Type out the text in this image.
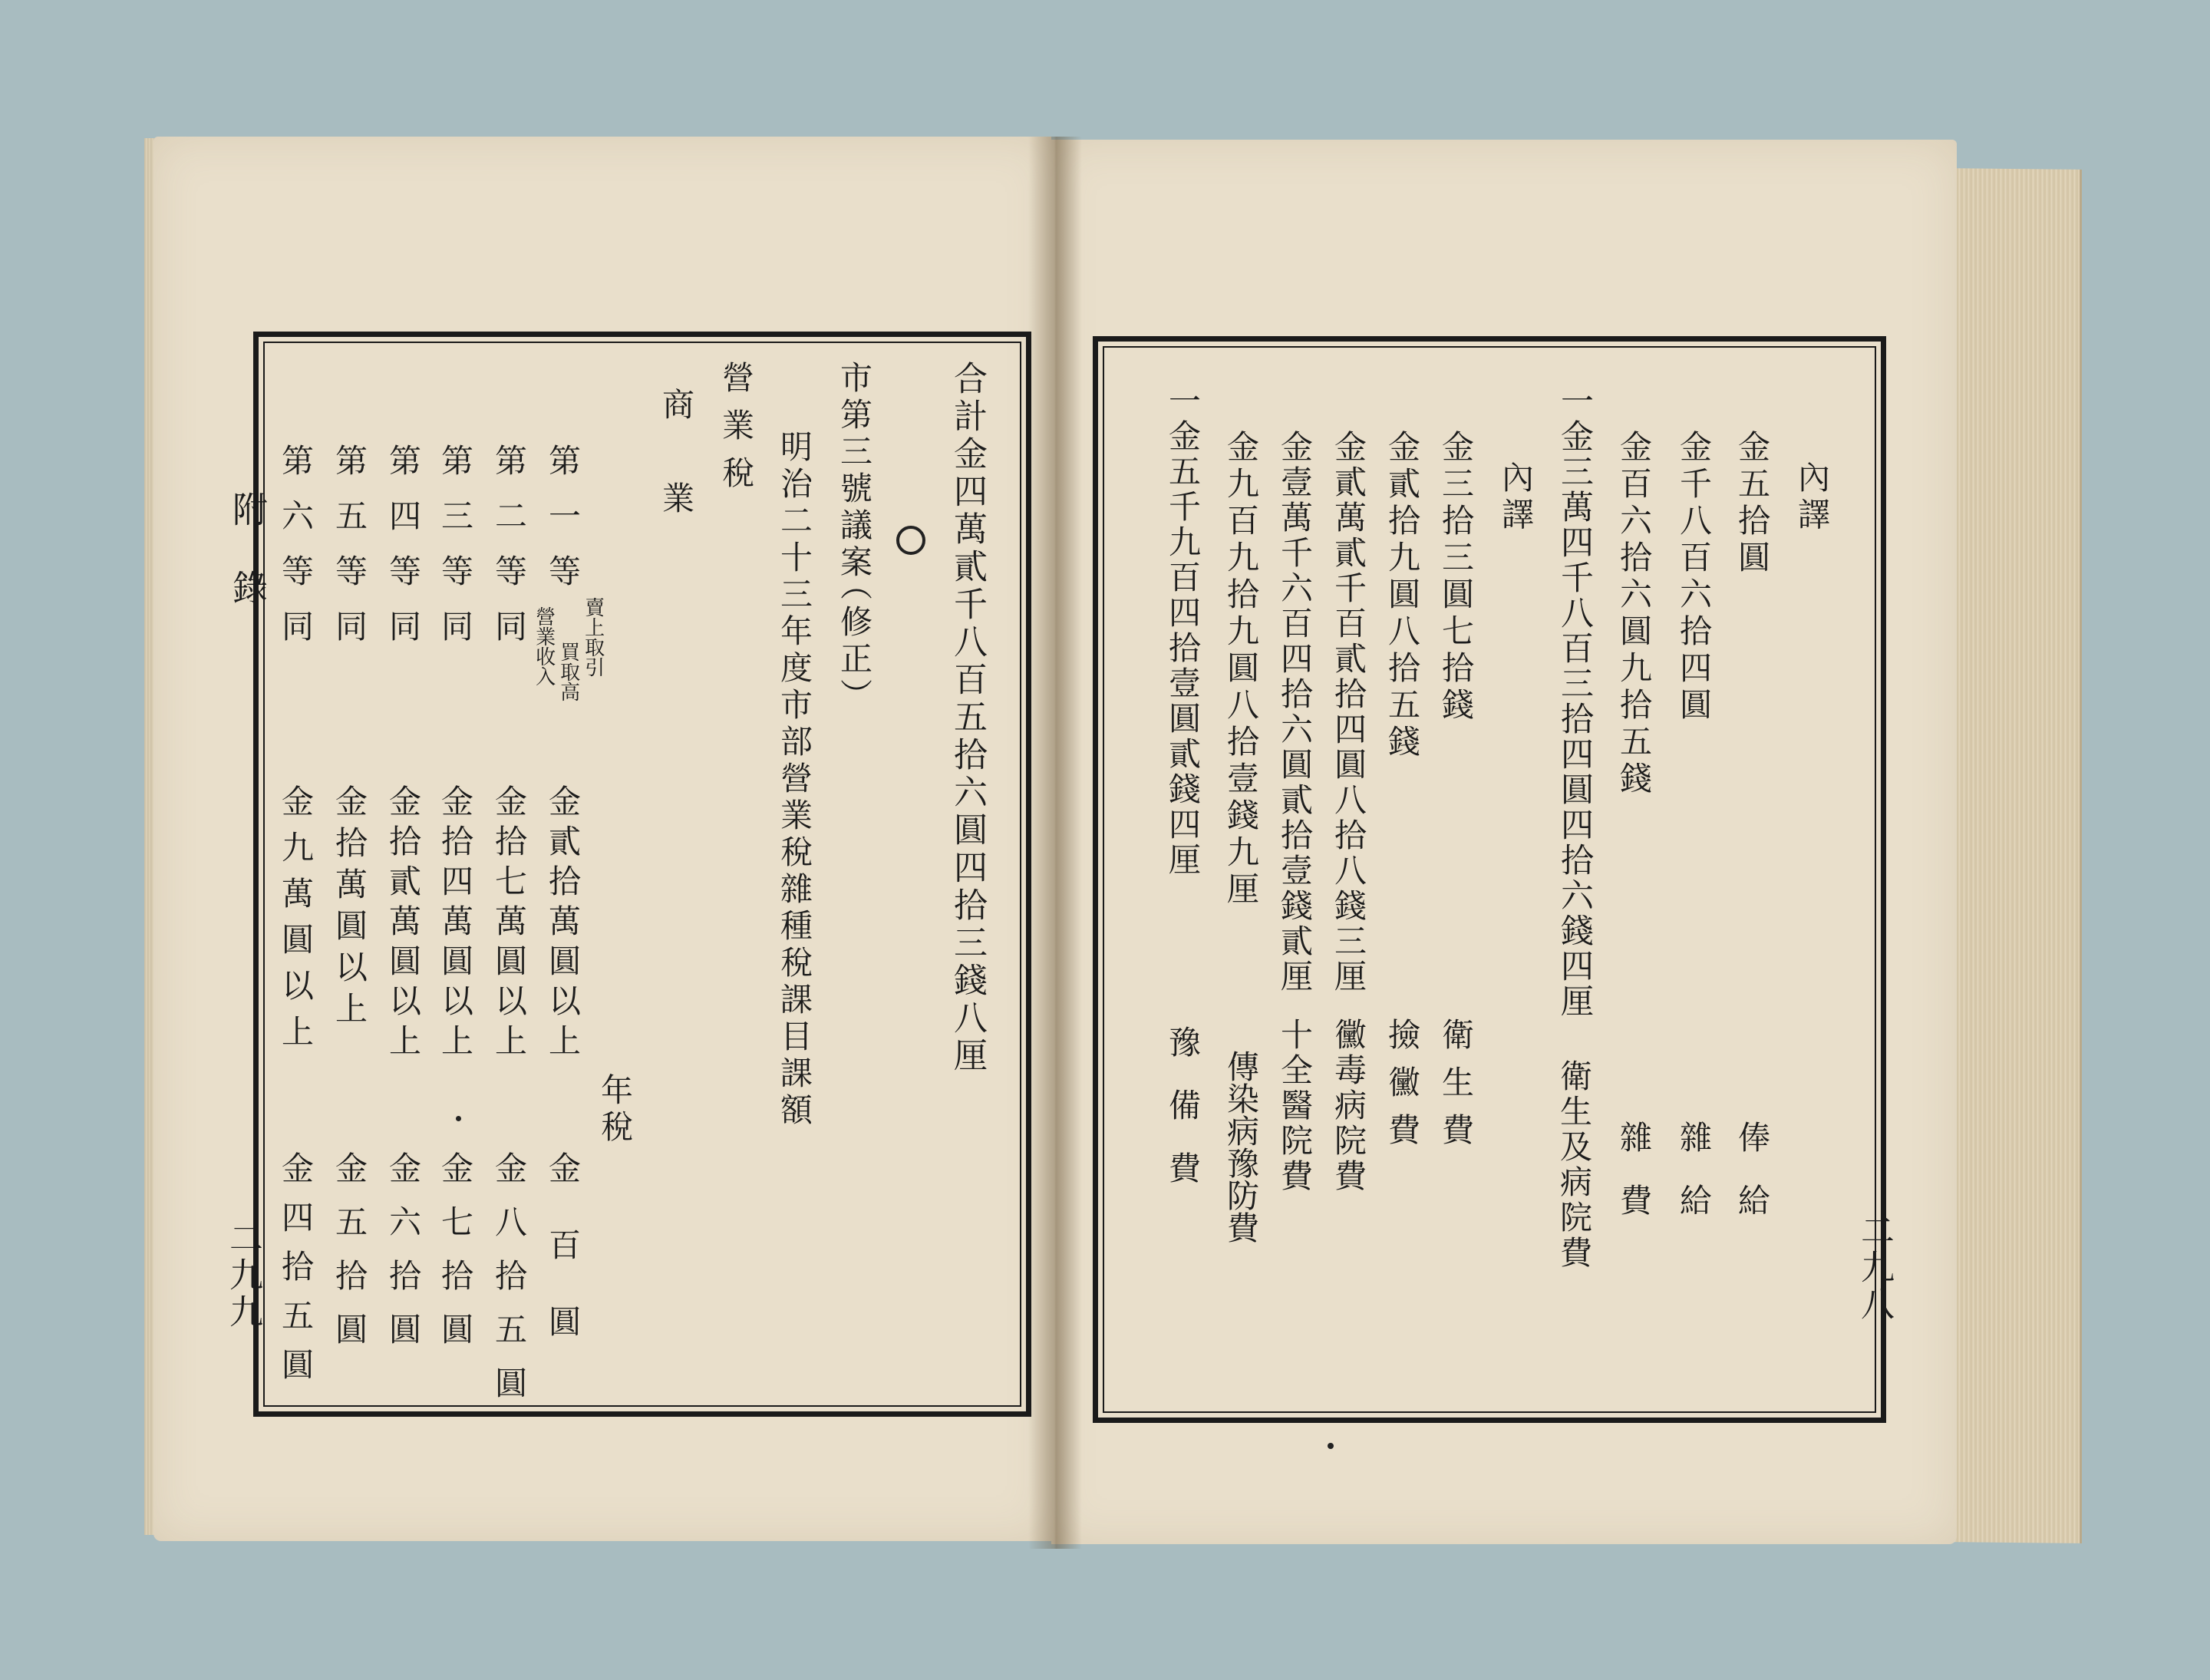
附錄
二九九
合計金四萬貳千八百五拾六圓四拾三錢八厘
市第三號議案
（修正）
明治二十三年度市部營業稅雜種稅課目課額
營業稅
商業
年稅
第一等
賣上取引
營業收入 買取高
金貳拾萬圓以上
金百圓
第二等同
金拾七萬圓以上
金八拾五圓
第三等同
金拾四萬圓以上
金七拾圓
第四等同
金拾貳萬圓以上
金六拾圓
第五等同
金拾萬圓以上
金五拾圓
第六等同
金九萬圓以上
金四拾五圓	二九八
內譯
金五拾圓
俸給
金千八百六拾四圓
雜給
金百六拾六圓九拾五錢
雜費
一金三萬四千八百三拾四圓四拾六錢四厘
衛生及病院費
內譯
金三拾三圓七拾錢
衛生費
金貳拾九圓八拾五錢
撿黴費
金貳萬貳千百貳拾四圓八拾八錢三厘
黴毒病院費
金壹萬千六百四拾六圓貳拾壹錢貳厘
十全醫院費
金九百九拾九圓八拾壹錢九厘
傳染病豫防費
一金五千九百四拾壹圓貳錢四厘
豫備費
